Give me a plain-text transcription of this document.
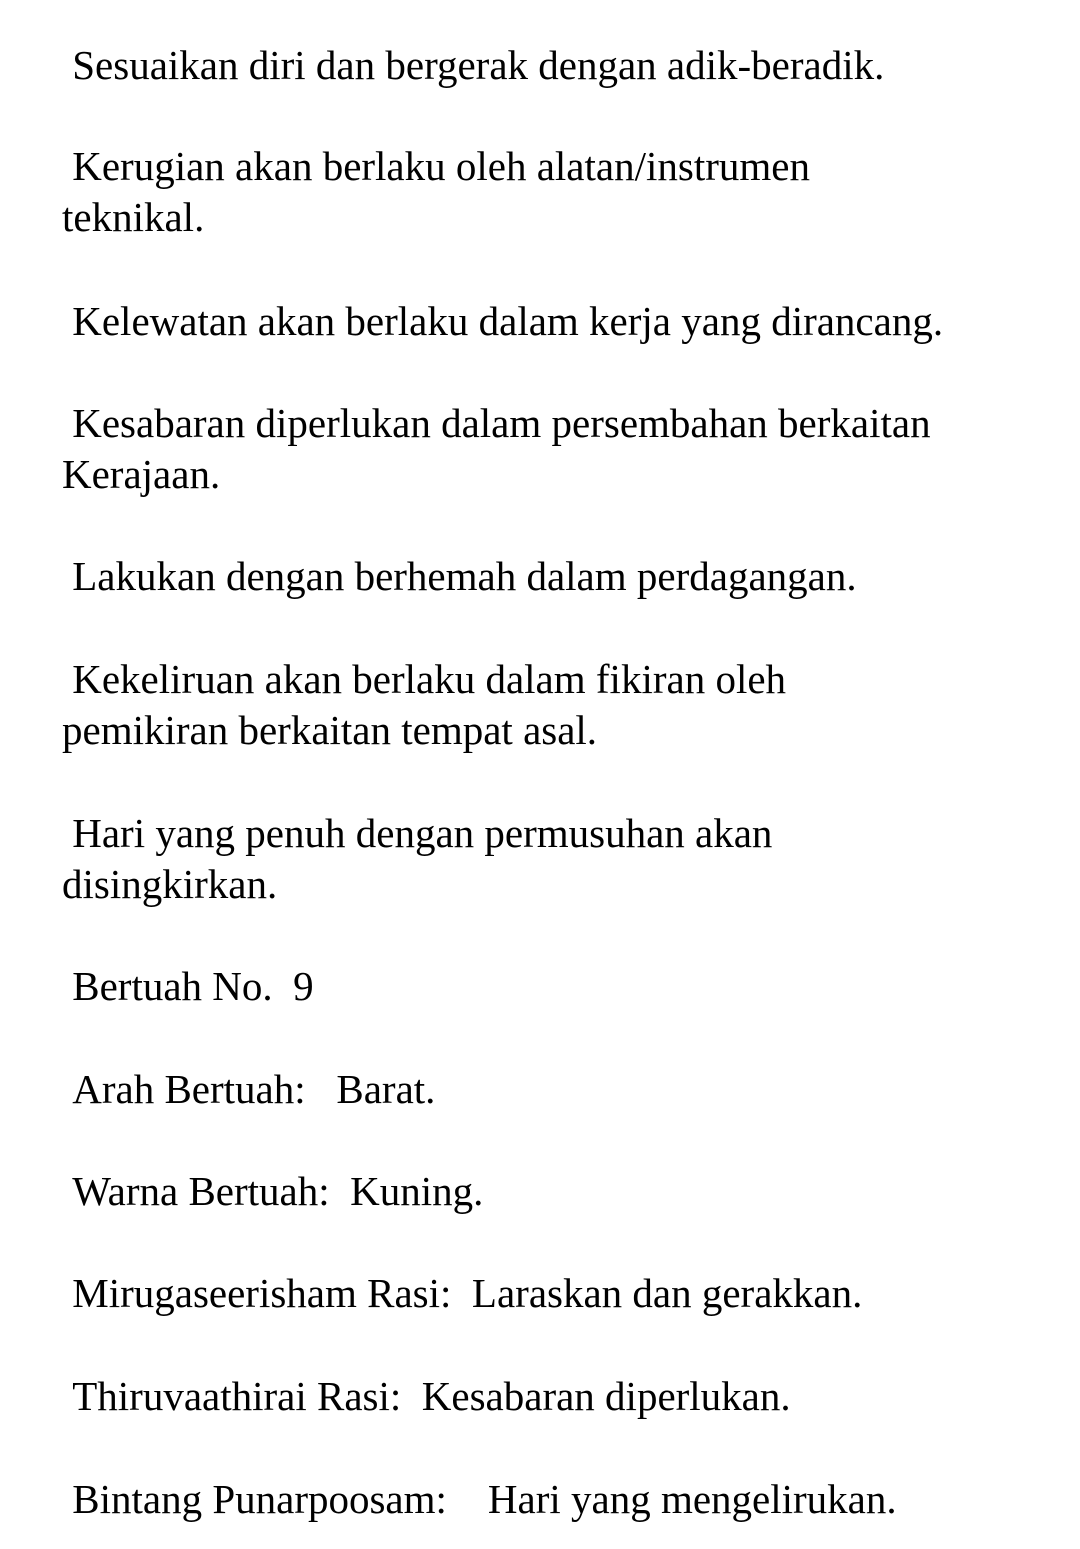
Sesuaikan diri dan bergerak dengan adik-beradik.

Kerugian akan berlaku oleh alatan/instrumen
teknikal.

Kelewatan akan berlaku dalam kerja yang dirancang.

Kesabaran diperlukan dalam persembahan berkaitan
Kerajaan.

Lakukan dengan berhemah dalam perdagangan.

Kekeliruan akan berlaku dalam fikiran oleh
pemikiran berkaitan tempat asal.

Hari yang penuh dengan permusuhan akan
disingkirkan.

Bertuah No.  9

Arah Bertuah:   Barat.

Warna Bertuah:  Kuning.

Mirugaseerisham Rasi:  Laraskan dan gerakkan.

Thiruvaathirai Rasi:  Kesabaran diperlukan.

Bintang Punarpoosam:    Hari yang mengelirukan.
